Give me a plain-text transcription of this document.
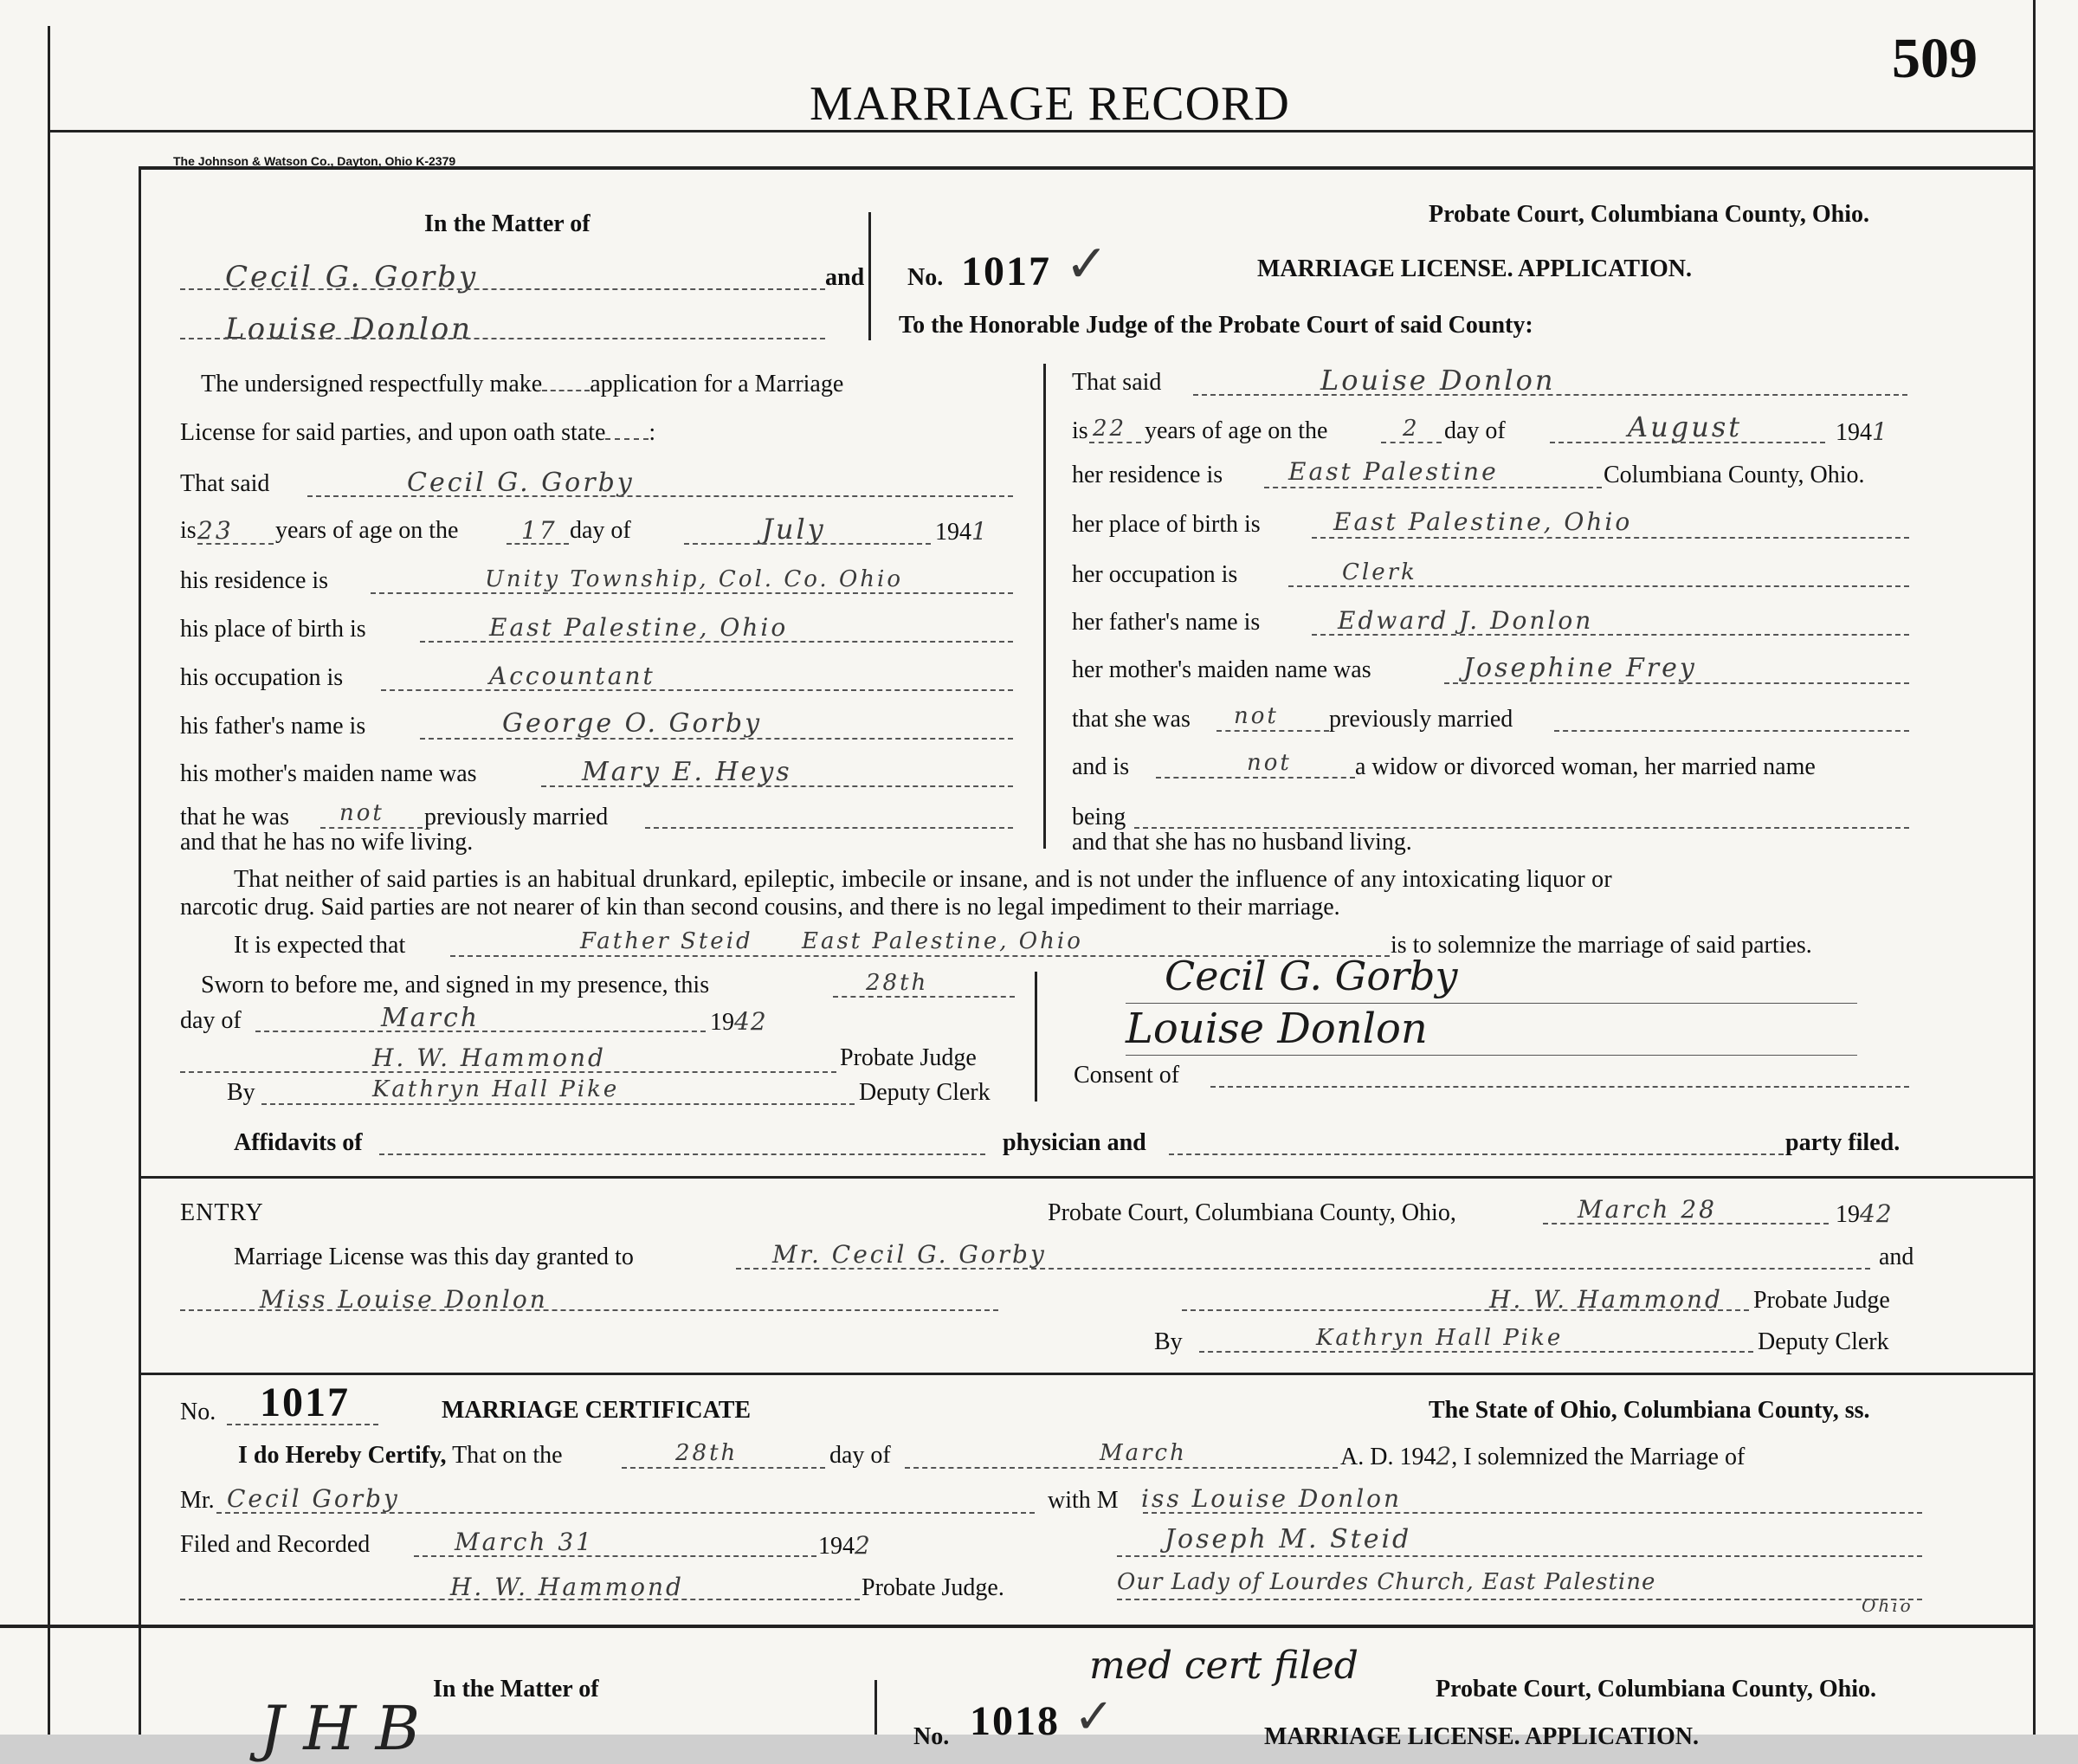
MARRIAGE RECORD
509
The Johnson & Watson Co., Dayton, Ohio K-2379
In the Matter of
Cecil G. Gorby	and
Louise Donlon
No. 1017 ✓
Probate Court, Columbiana County, Ohio.
MARRIAGE LICENSE. APPLICATION.
To the Honorable Judge of the Probate Court of said County:
The undersigned respectfully make application for a Marriage
License for said parties, and upon oath state :
That said	Cecil G. Gorby
is 23 years of age on the	17 day of	July	1941
his residence is	Unity Township, Col. Co. Ohio
his place of birth is	East Palestine, Ohio
his occupation is	Accountant
his father's name is	George O. Gorby
his mother's maiden name was	Mary E. Heys
that he was not previously married
and that he has no wife living.
That said	Louise Donlon
is 22 years of age on the	2 day of	August	1941
her residence is	East Palestine	Columbiana County, Ohio.
her place of birth is	East Palestine, Ohio
her occupation is	Clerk
her father's name is	Edward J. Donlon
her mother's maiden name was	Josephine Frey
that she was not previously married
and is	not	a widow or divorced woman, her married name
being
and that she has no husband living.
That neither of said parties is an habitual drunkard, epileptic, imbecile or insane, and is not under the influence of any intoxicating liquor or
narcotic drug. Said parties are not nearer of kin than second cousins, and there is no legal impediment to their marriage.
It is expected that	Father Steid     East Palestine, Ohio	is to solemnize the marriage of said parties.
Sworn to before me, and signed in my presence, this	28th
day of	March	1942
H. W. Hammond	Probate Judge
By	Kathryn Hall Pike	Deputy Clerk
Cecil G. Gorby
Louise Donlon
Consent of
Affidavits of	physician and	party filed.
ENTRY	Probate Court, Columbiana County, Ohio,	March 28	1942
Marriage License was this day granted to	Mr. Cecil G. Gorby	and
Miss Louise Donlon	H. W. Hammond Probate Judge
By	Kathryn Hall Pike	Deputy Clerk
No. 1017	MARRIAGE CERTIFICATE	The State of Ohio, Columbiana County, ss.
I do Hereby Certify, That on the	28th	day of	March	A. D. 1942, I solemnized the Marriage of
Mr. Cecil Gorby	with M iss Louise Donlon
Filed and Recorded	March 31	1942	Joseph M. Steid
H. W. Hammond	Probate Judge.	Our Lady of Lourdes Church, East Palestine
Ohio
In the Matter of
J H B
med cert filed
No. 1018 ✓	Probate Court, Columbiana County, Ohio.
MARRIAGE LICENSE. APPLICATION.
